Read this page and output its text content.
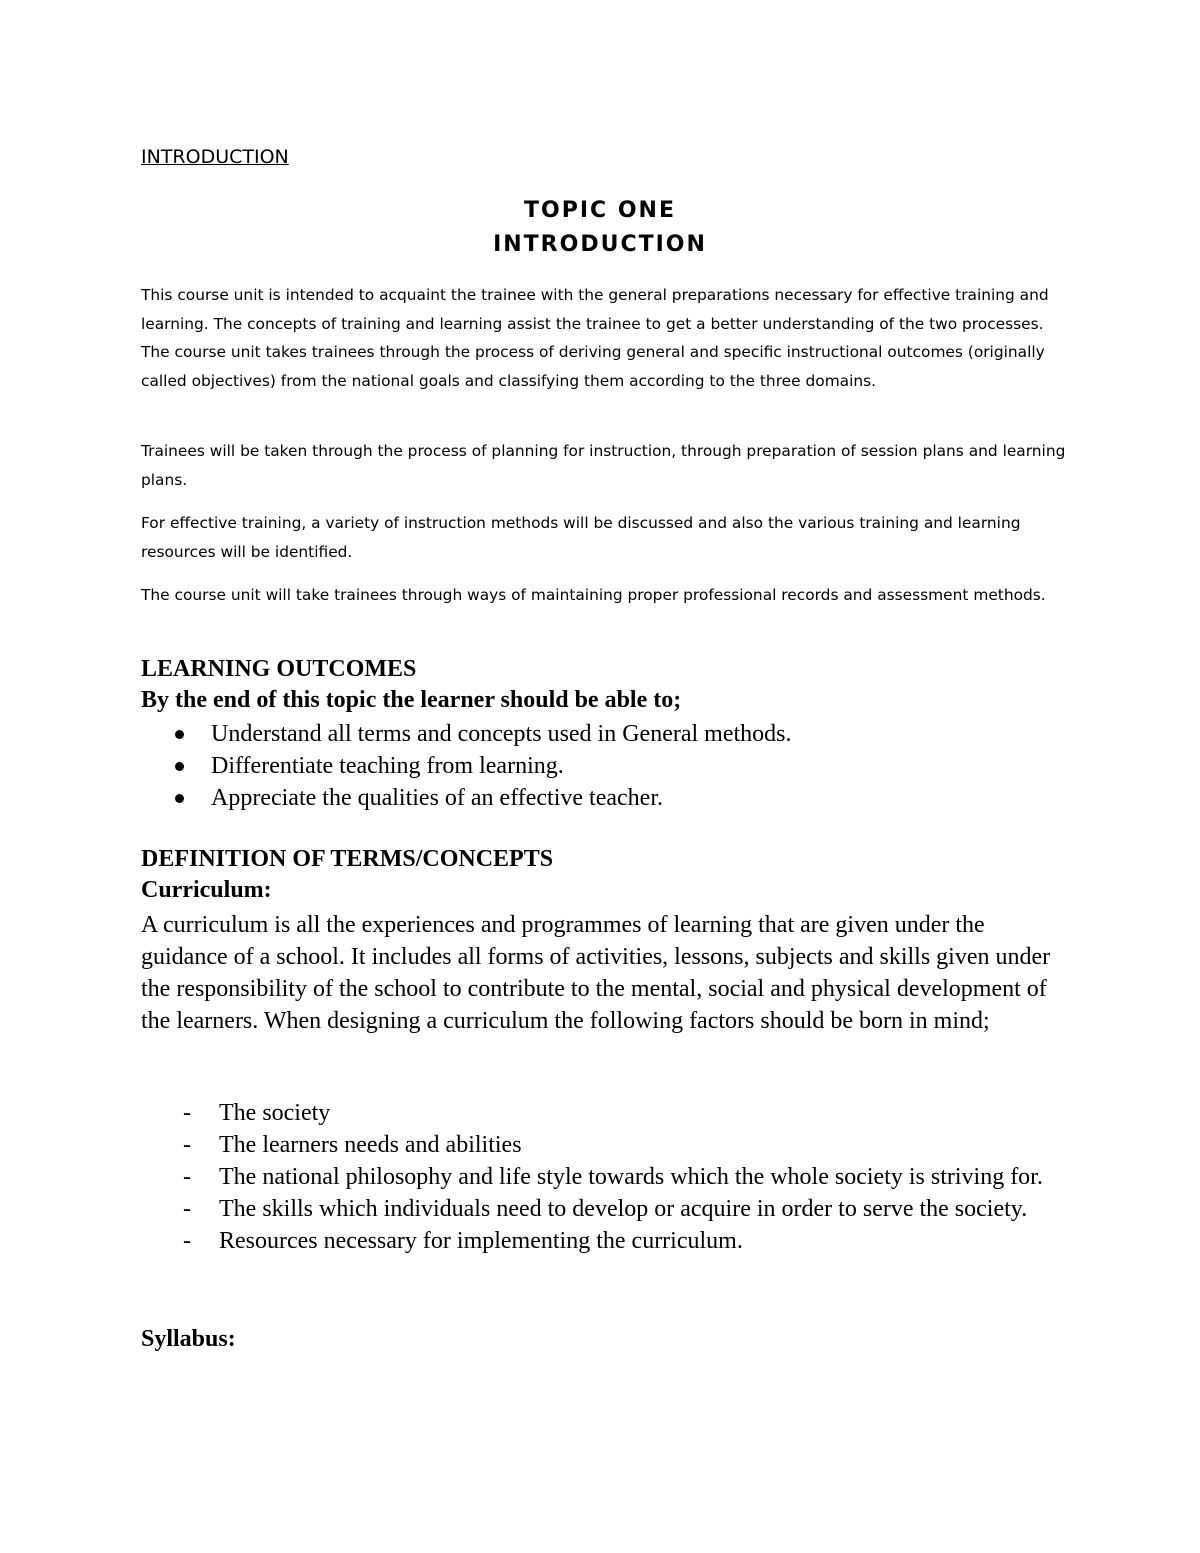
INTRODUCTION
TOPIC ONE
INTRODUCTION

This course unit is intended to acquaint the trainee with the general preparations necessary for effective training and learning. The concepts of training and learning assist the trainee to get a better understanding of the two processes. The course unit takes trainees through the process of deriving general and specific instructional outcomes (originally called objectives) from the national goals and classifying them according to the three domains.

Trainees will be taken through the process of planning for instruction, through preparation of session plans and learning plans.

For effective training, a variety of instruction methods will be discussed and also the various training and learning resources will be identified.

The course unit will take trainees through ways of maintaining proper professional records and assessment methods.

LEARNING OUTCOMES
By the end of this topic the learner should be able to;
Understand all terms and concepts used in General methods.
Differentiate teaching from learning.
Appreciate the qualities of an effective teacher.
DEFINITION OF TERMS/CONCEPTS
Curriculum:

A curriculum is all the experiences and programmes of learning that are given under the guidance of a school. It includes all forms of activities, lessons, subjects and skills given under the responsibility of the school to contribute to the mental, social and physical development of the learners. When designing a curriculum the following factors should be born in mind;

- The society
- The learners needs and abilities
- The national philosophy and life style towards which the whole society is striving for.
- The skills which individuals need to develop or acquire in order to serve the society.
- Resources necessary for implementing the curriculum.
Syllabus:
